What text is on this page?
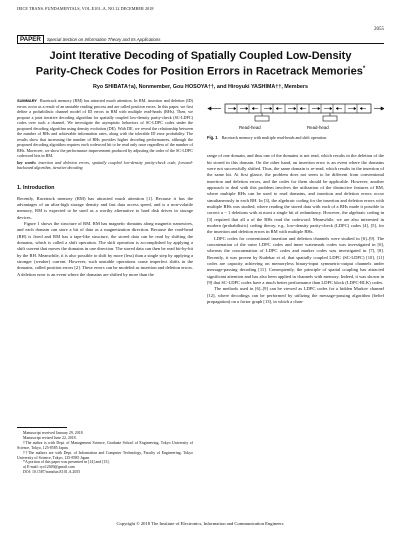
IEICE TRANS. FUNDAMENTALS, VOL.E101–A, NO.12 DECEMBER 2018
2055
PAPER	Special Section on Information Theory and Its Applications
Joint Iterative Decoding of Spatially Coupled Low-Density
Parity-Check Codes for Position Errors in Racetrack Memories*
Ryo SHIBATA†a), Nonmember, Gou HOSOYA††, and Hiroyuki YASHIMA††, Members
SUMMARY Racetrack memory (RM) has attracted much attention. In RM, insertion and deletion (ID) errors occur as a result of an unstable reading process and are called position errors. In this paper, we first define a probabilistic channel model of ID errors in RM with multiple read-heads (RHs). Then, we propose a joint iterative decoding algorithm for spatially coupled low-density parity-check (SC-LDPC) codes over such a channel. We investigate the asymptotic behaviors of SC-LDPC codes under the proposed decoding algorithm using density evolution (DE). With DE, we reveal the relationship between the number of RHs and achievable information rates, along with the tolerable ID error probability. The results show that increasing the number of RHs provides higher decoding performances, although the proposed decoding algorithm requires each codeword bit to be read only once regardless of the number of RHs. Moreover, we show the performance improvement produced by adjusting the order of the SC-LDPC codeword bits in RM.
key words: insertion and deletion errors, spatially coupled low-density parity-check code, forward-backward algorithm, iterative decoding
1. Introduction

Recently, Racetrack memory (RM) has attracted much attention [1]. Because it has the advantages of an ultra-high storage density and fast data access speed, and is a non-volatile memory, RM is expected to be used as a worthy alternative to hard disk drives in storage devices.

Figure 1 shows the structure of RM. RM has magnetic domains along magnetic nanowires, and each domain can store a bit of data as a magnetization direction. Because the read-head (RH) is fixed and RM has a tape-like structure, the stored data can be read by shifting the domains, which is called a shift operation. The shift operation is accomplished by applying a shift current that moves the domains in one direction. The stored data can then be read bit-by-bit by the RH. Meanwhile, it is also possible to shift by more (less) than a single step by applying a stronger (weaker) current. However, such unstable operations cause imperfect shifts in the domains, called position errors [2]. These errors can be modeled as insertion and deletion errors. A deletion error is an event where the domains are shifted by more than the

Manuscript received January 29, 2018.

Manuscript revised June 22, 2018.

†The author is with Dept. of Management Science, Graduate School of Engineering, Tokyo University of Science, Tokyo, 125-8585 Japan.

††The authors are with Dept. of Information and Computer Technology, Faculty of Engineering, Tokyo University of Science, Tokyo, 125-8585 Japan.

*A portion of this paper was presented in [14] and [15].

a) E-mail: ryo12049@gmail.com

DOI: 10.1587/transfun.E101.A.2055

Read-head	Read-head
Fig. 1 Racetrack memory with multiple read-heads and shift operation.

range of one domain, and thus one of the domains is not read, which results in the deletion of the bit stored in this domain. On the other hand, an insertion error is an event where the domains were not successfully shifted. Thus, the same domain is re-read, which results in the insertion of the same bit. At first glance, the problem does not seem to be different from conventional insertion and deletion errors, and the codes for them should be applicable. However, another approach to deal with this problem involves the utilization of the distinctive features of RM, where multiple RHs can be used to read domains, and insertion and deletion errors occur simultaneously in each RH. In [3], the algebraic coding for the insertion and deletion errors with multiple RHs was studied, where reading the stored data with each of a RHs made it possible to correct a − 1 deletions with at most a single bit of redundancy. However, the algebraic coding in [3] required that all a of the RHs read the codeword. Meanwhile, we are also interested in modern (probabilistic) coding theory, e.g., low-density parity-check (LDPC) codes [4], [5], for the insertion and deletion errors in RM with multiple RHs.

LDPC codes for conventional insertion and deletion channels were studied in [6]–[9]. The concatenation of the outer LDPC codes and inner watermark codes was investigated in [6], whereas the concatenation of LDPC codes and marker codes was investigated in [7], [8]. Recently, it was proven by Kudekar et al. that spatially coupled LDPC (SC-LDPC) [10], [11] codes are capacity achieving on memoryless binary-input symmetric-output channels under message-passing decoding [11]. Consequently, the principle of spatial coupling has attracted significant attention and has also been applied in channels with memory. Indeed, it was shown in [9] that SC-LDPC codes have a much better performance than LDPC block (LDPC-BLK) codes.

The methods used in [6]–[9] can be viewed as LDPC codes for a hidden Markov channel [12], where decodings can be performed by utilizing the message-passing algorithm (belief propagation) on a factor graph [13], in which a chan-

Copyright © 2018 The Institute of Electronics, Information and Communication Engineers
